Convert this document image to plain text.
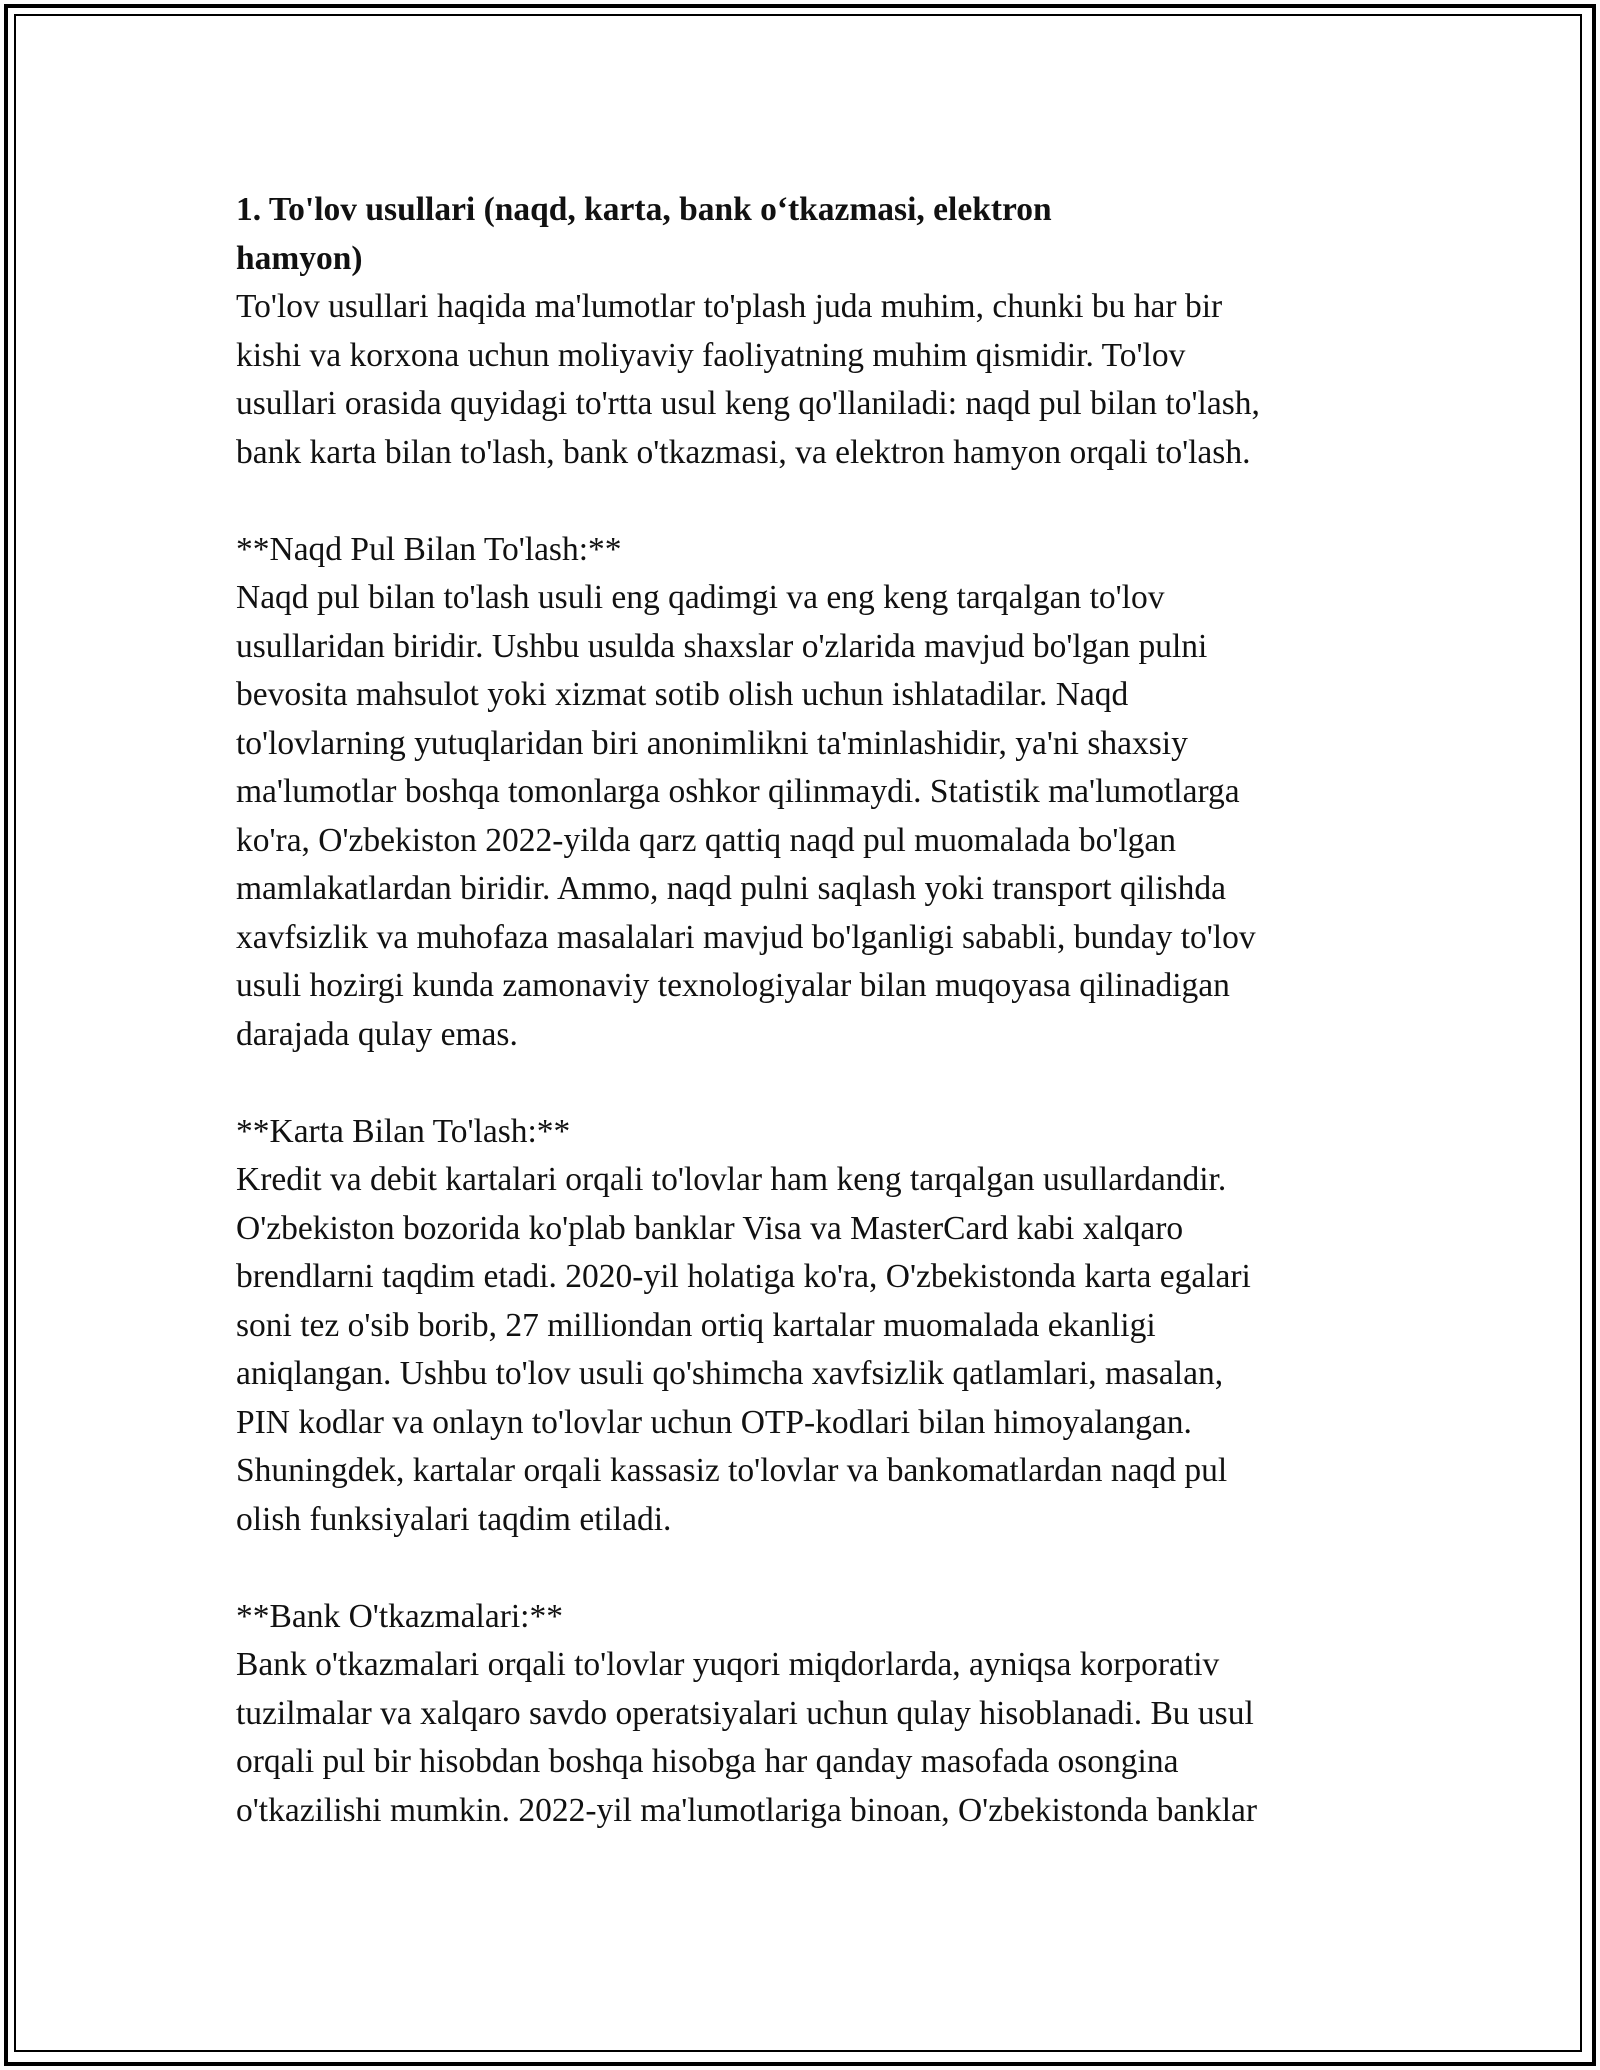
1. To'lov usullari (naqd, karta, bank o‘tkazmasi, elektron
hamyon)

To'lov usullari haqida ma'lumotlar to'plash juda muhim, chunki bu har bir
kishi va korxona uchun moliyaviy faoliyatning muhim qismidir. To'lov
usullari orasida quyidagi to'rtta usul keng qo'llaniladi: naqd pul bilan to'lash,
bank karta bilan to'lash, bank o'tkazmasi, va elektron hamyon orqali to'lash.

**Naqd Pul Bilan To'lash:**

Naqd pul bilan to'lash usuli eng qadimgi va eng keng tarqalgan to'lov
usullaridan biridir. Ushbu usulda shaxslar o'zlarida mavjud bo'lgan pulni
bevosita mahsulot yoki xizmat sotib olish uchun ishlatadilar. Naqd
to'lovlarning yutuqlaridan biri anonimlikni ta'minlashidir, ya'ni shaxsiy
ma'lumotlar boshqa tomonlarga oshkor qilinmaydi. Statistik ma'lumotlarga
ko'ra, O'zbekiston 2022-yilda qarz qattiq naqd pul muomalada bo'lgan
mamlakatlardan biridir. Ammo, naqd pulni saqlash yoki transport qilishda
xavfsizlik va muhofaza masalalari mavjud bo'lganligi sababli, bunday to'lov
usuli hozirgi kunda zamonaviy texnologiyalar bilan muqoyasa qilinadigan
darajada qulay emas.

**Karta Bilan To'lash:**

Kredit va debit kartalari orqali to'lovlar ham keng tarqalgan usullardandir.
O'zbekiston bozorida ko'plab banklar Visa va MasterCard kabi xalqaro
brendlarni taqdim etadi. 2020-yil holatiga ko'ra, O'zbekistonda karta egalari
soni tez o'sib borib, 27 milliondan ortiq kartalar muomalada ekanligi
aniqlangan. Ushbu to'lov usuli qo'shimcha xavfsizlik qatlamlari, masalan,
PIN kodlar va onlayn to'lovlar uchun OTP-kodlari bilan himoyalangan.
Shuningdek, kartalar orqali kassasiz to'lovlar va bankomatlardan naqd pul
olish funksiyalari taqdim etiladi.

**Bank O'tkazmalari:**

Bank o'tkazmalari orqali to'lovlar yuqori miqdorlarda, ayniqsa korporativ
tuzilmalar va xalqaro savdo operatsiyalari uchun qulay hisoblanadi. Bu usul
orqali pul bir hisobdan boshqa hisobga har qanday masofada osongina
o'tkazilishi mumkin. 2022-yil ma'lumotlariga binoan, O'zbekistonda banklar
